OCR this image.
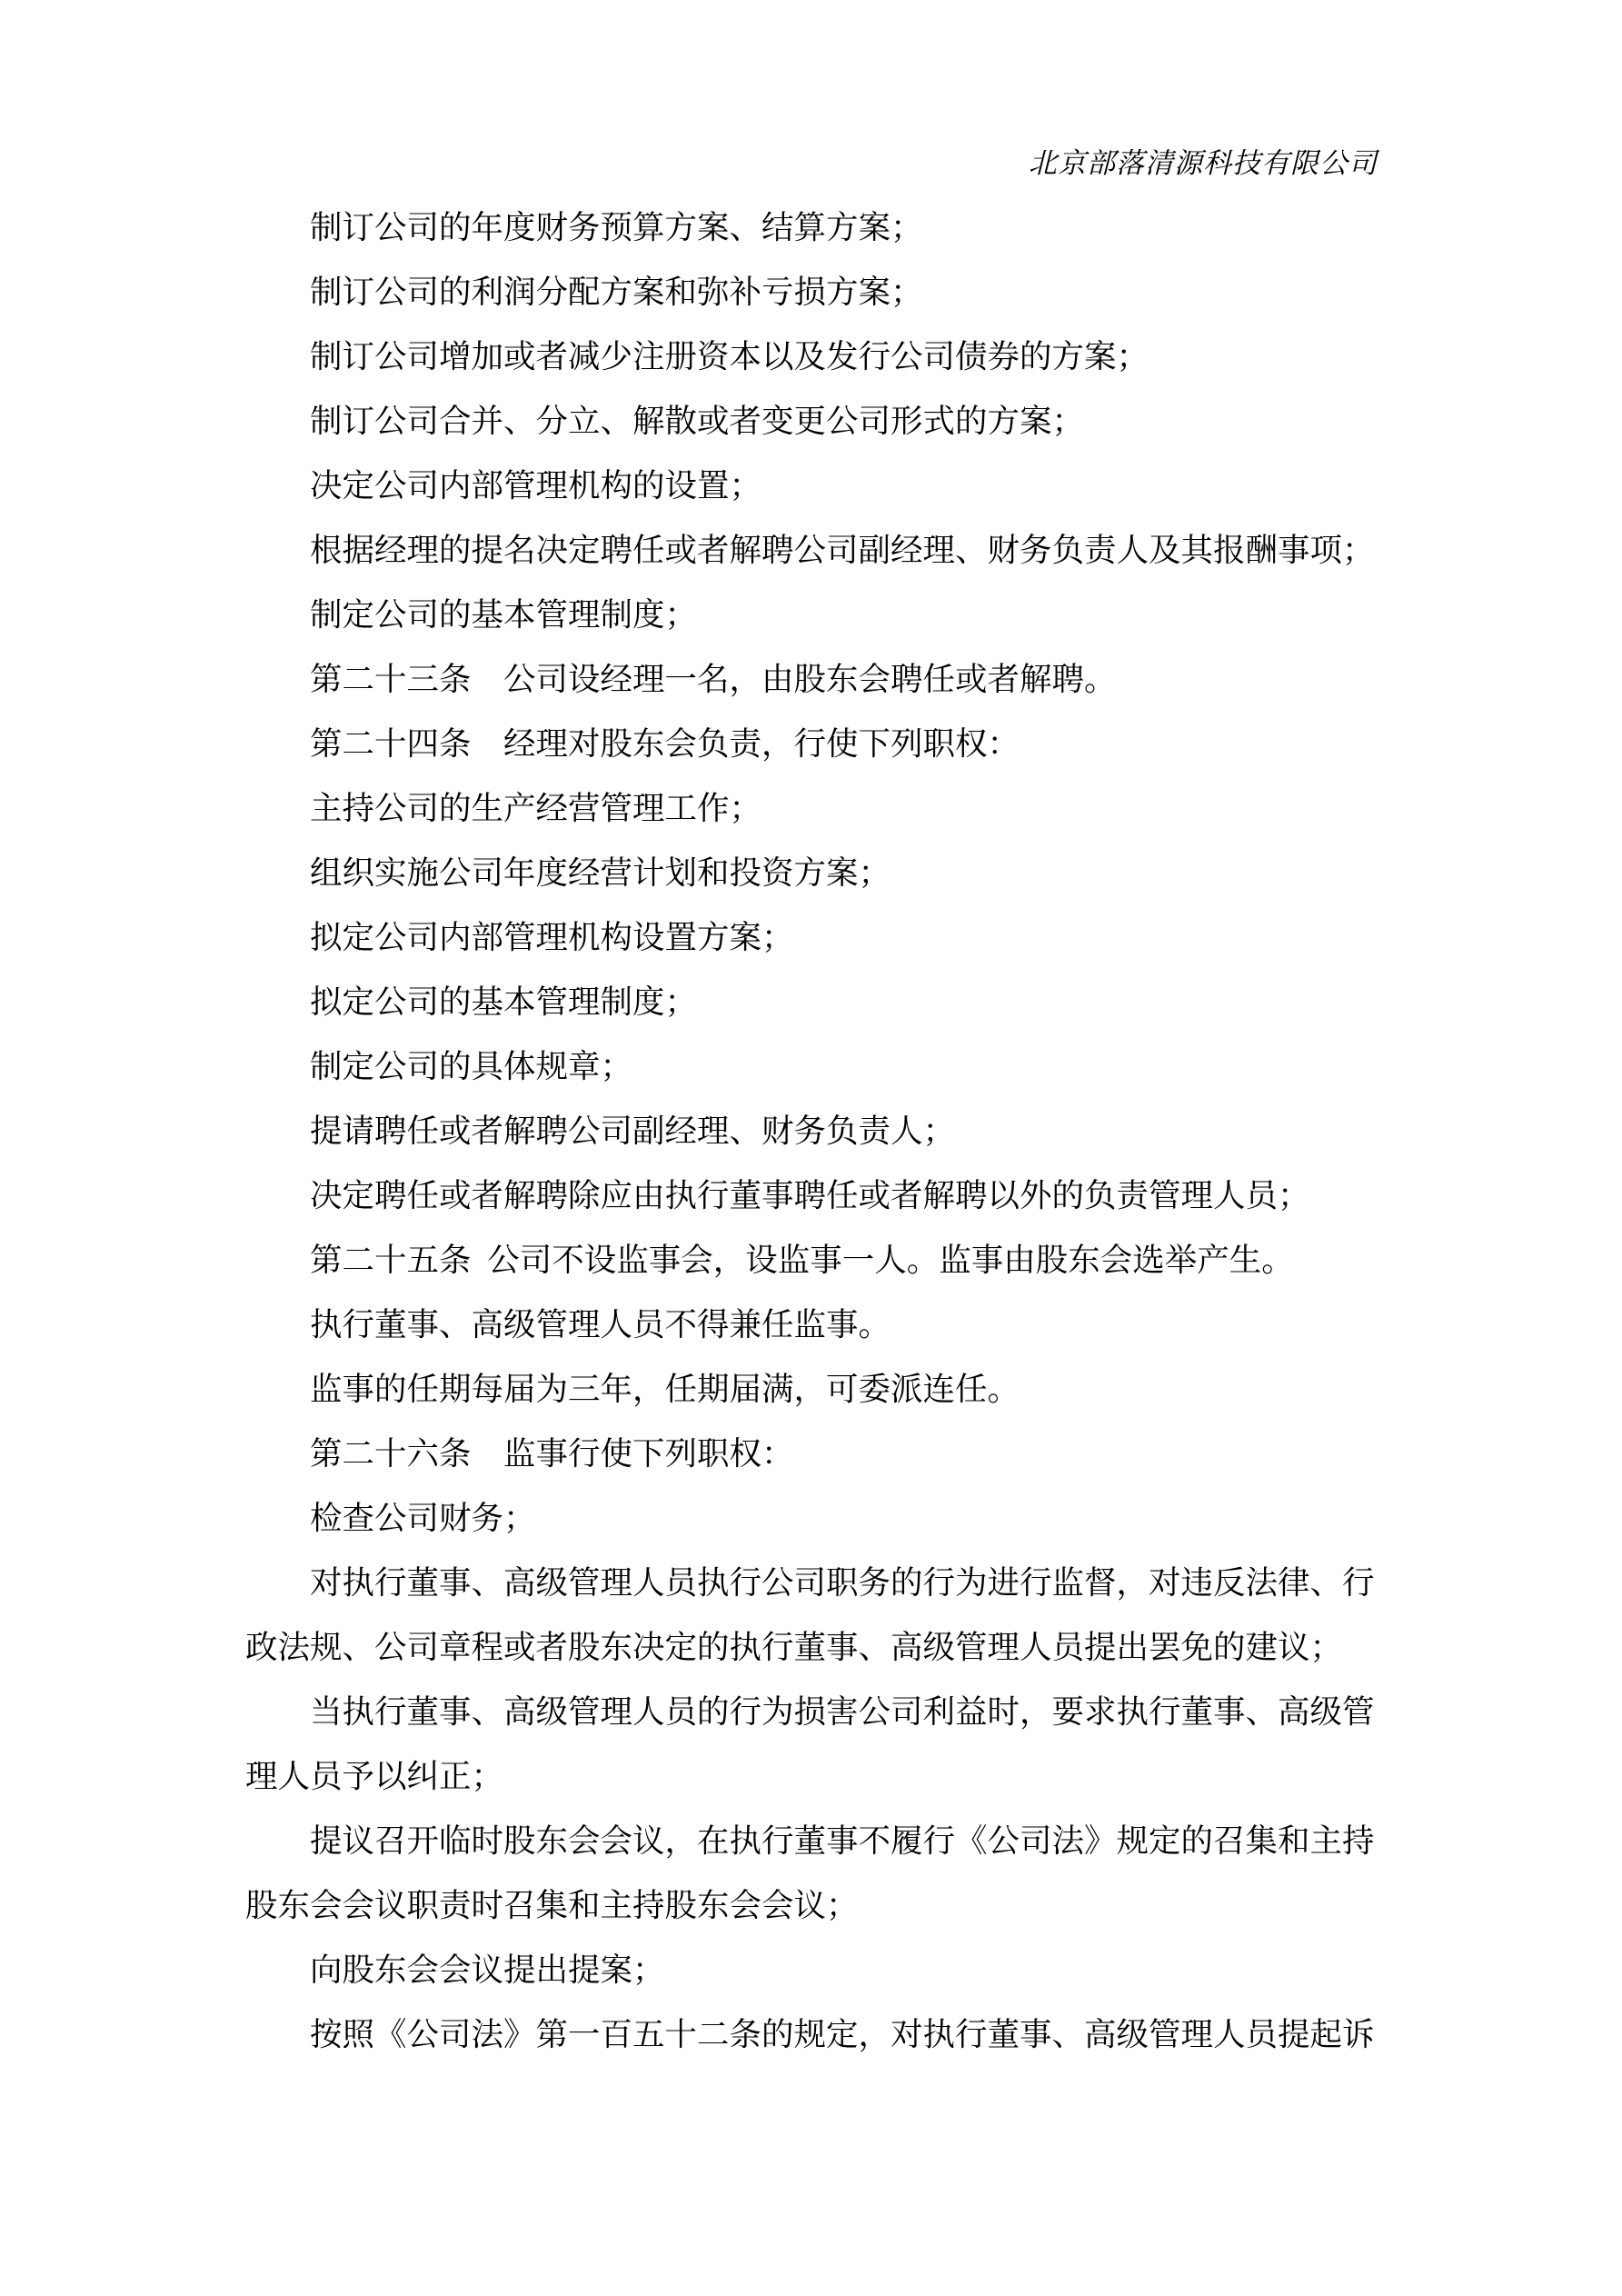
北京部落清源科技有限公司
制订公司的年度财务预算方案、结算方案；
制订公司的利润分配方案和弥补亏损方案；
制订公司增加或者减少注册资本以及发行公司债券的方案；
制订公司合并、分立、解散或者变更公司形式的方案；
决定公司内部管理机构的设置；
根据经理的提名决定聘任或者解聘公司副经理、财务负责人及其报酬事项；
制定公司的基本管理制度；
第二十三条　公司设经理一名，由股东会聘任或者解聘。
第二十四条　经理对股东会负责，行使下列职权：
主持公司的生产经营管理工作；
组织实施公司年度经营计划和投资方案；
拟定公司内部管理机构设置方案；
拟定公司的基本管理制度；
制定公司的具体规章；
提请聘任或者解聘公司副经理、财务负责人；
决定聘任或者解聘除应由执行董事聘任或者解聘以外的负责管理人员；
第二十五条  公司不设监事会，设监事一人。监事由股东会选举产生。
执行董事、高级管理人员不得兼任监事。
监事的任期每届为三年，任期届满，可委派连任。
第二十六条　监事行使下列职权：
检查公司财务；
对执行董事、高级管理人员执行公司职务的行为进行监督，对违反法律、行
政法规、公司章程或者股东决定的执行董事、高级管理人员提出罢免的建议；
当执行董事、高级管理人员的行为损害公司利益时，要求执行董事、高级管
理人员予以纠正；
提议召开临时股东会会议，在执行董事不履行《公司法》规定的召集和主持
股东会会议职责时召集和主持股东会会议；
向股东会会议提出提案；
按照《公司法》第一百五十二条的规定，对执行董事、高级管理人员提起诉
